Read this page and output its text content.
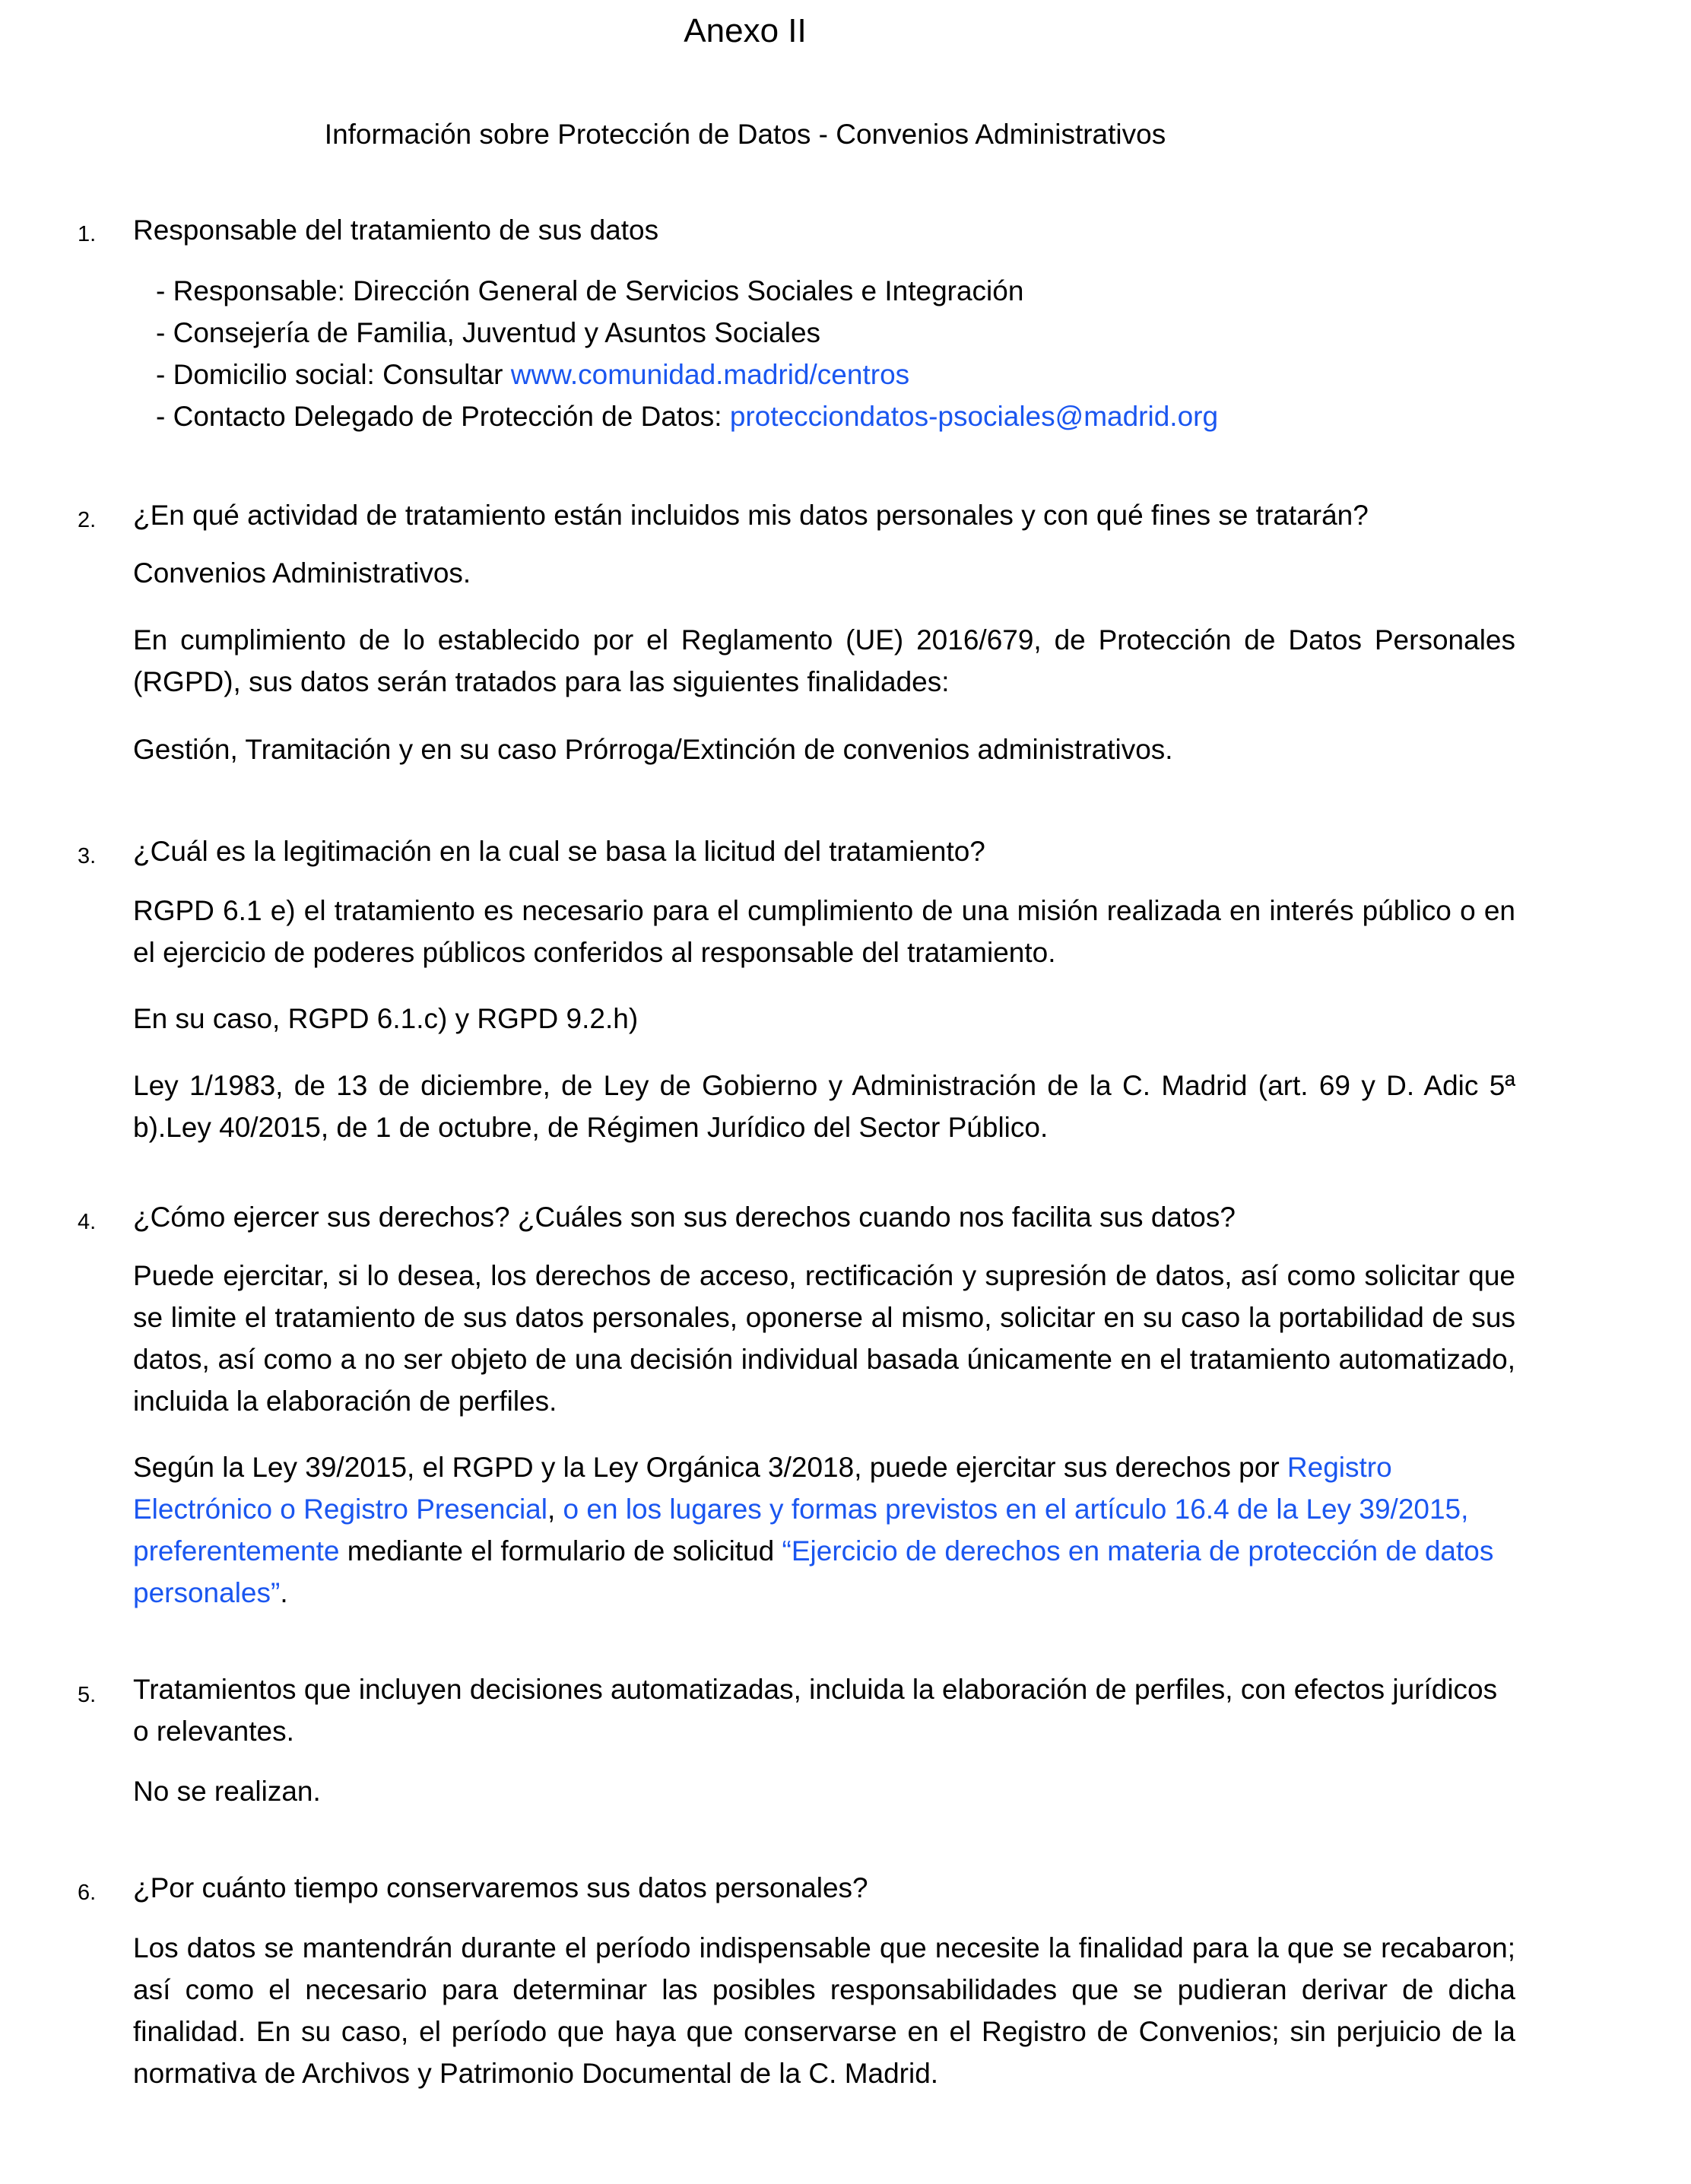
Anexo II
Información sobre Protección de Datos - Convenios Administrativos
1. Responsable del tratamiento de sus datos
- Responsable: Dirección General de Servicios Sociales e Integración
- Consejería de Familia, Juventud y Asuntos Sociales
- Domicilio social: Consultar www.comunidad.madrid/centros
- Contacto Delegado de Protección de Datos: protecciondatos-psociales@madrid.org
2. ¿En qué actividad de tratamiento están incluidos mis datos personales y con qué fines se tratarán?
Convenios Administrativos.
En cumplimiento de lo establecido por el Reglamento (UE) 2016/679, de Protección de Datos Personales (RGPD), sus datos serán tratados para las siguientes finalidades:
Gestión, Tramitación y en su caso Prórroga/Extinción de convenios administrativos.
3. ¿Cuál es la legitimación en la cual se basa la licitud del tratamiento?
RGPD 6.1 e) el tratamiento es necesario para el cumplimiento de una misión realizada en interés público o en el ejercicio de poderes públicos conferidos al responsable del tratamiento.
En su caso, RGPD 6.1.c) y RGPD 9.2.h)
Ley 1/1983, de 13 de diciembre, de Ley de Gobierno y Administración de la C. Madrid (art. 69 y D. Adic 5ª b).Ley 40/2015, de 1 de octubre, de Régimen Jurídico del Sector Público.
4. ¿Cómo ejercer sus derechos? ¿Cuáles son sus derechos cuando nos facilita sus datos?
Puede ejercitar, si lo desea, los derechos de acceso, rectificación y supresión de datos, así como solicitar que se limite el tratamiento de sus datos personales, oponerse al mismo, solicitar en su caso la portabilidad de sus datos, así como a no ser objeto de una decisión individual basada únicamente en el tratamiento automatizado, incluida la elaboración de perfiles.
Según la Ley 39/2015, el RGPD y la Ley Orgánica 3/2018, puede ejercitar sus derechos por Registro Electrónico o Registro Presencial, o en los lugares y formas previstos en el artículo 16.4 de la Ley 39/2015, preferentemente mediante el formulario de solicitud “Ejercicio de derechos en materia de protección de datos personales”.
5. Tratamientos que incluyen decisiones automatizadas, incluida la elaboración de perfiles, con efectos jurídicos o relevantes.
No se realizan.
6. ¿Por cuánto tiempo conservaremos sus datos personales?
Los datos se mantendrán durante el período indispensable que necesite la finalidad para la que se recabaron; así como el necesario para determinar las posibles responsabilidades que se pudieran derivar de dicha finalidad. En su caso, el período que haya que conservarse en el Registro de Convenios; sin perjuicio de la normativa de Archivos y Patrimonio Documental de la C. Madrid.
